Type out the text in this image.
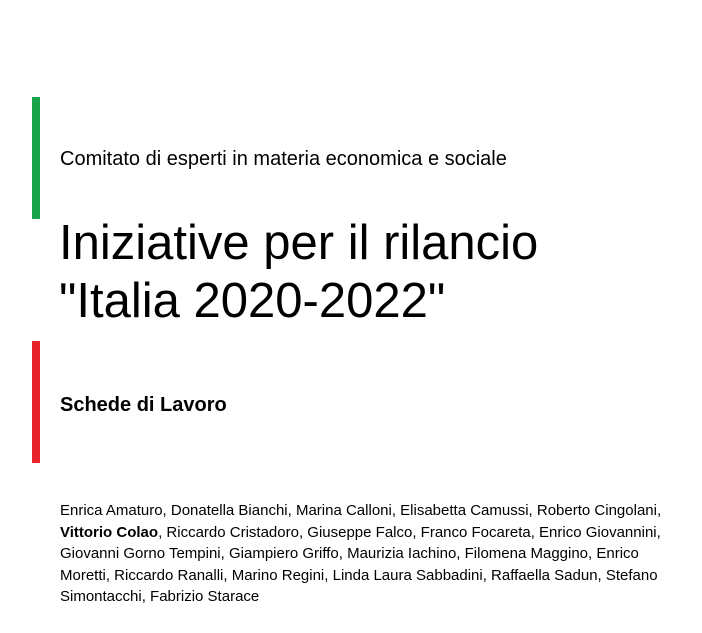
Comitato di esperti in materia economica e sociale
Iniziative per il rilancio
"Italia 2020-2022"
Schede di Lavoro
Enrica Amaturo, Donatella Bianchi, Marina Calloni, Elisabetta Camussi, Roberto Cingolani, Vittorio Colao, Riccardo Cristadoro, Giuseppe Falco, Franco Focareta, Enrico Giovannini, Giovanni Gorno Tempini, Giampiero Griffo, Maurizia Iachino, Filomena Maggino, Enrico Moretti, Riccardo Ranalli, Marino Regini, Linda Laura Sabbadini, Raffaella Sadun, Stefano Simontacchi, Fabrizio Starace
